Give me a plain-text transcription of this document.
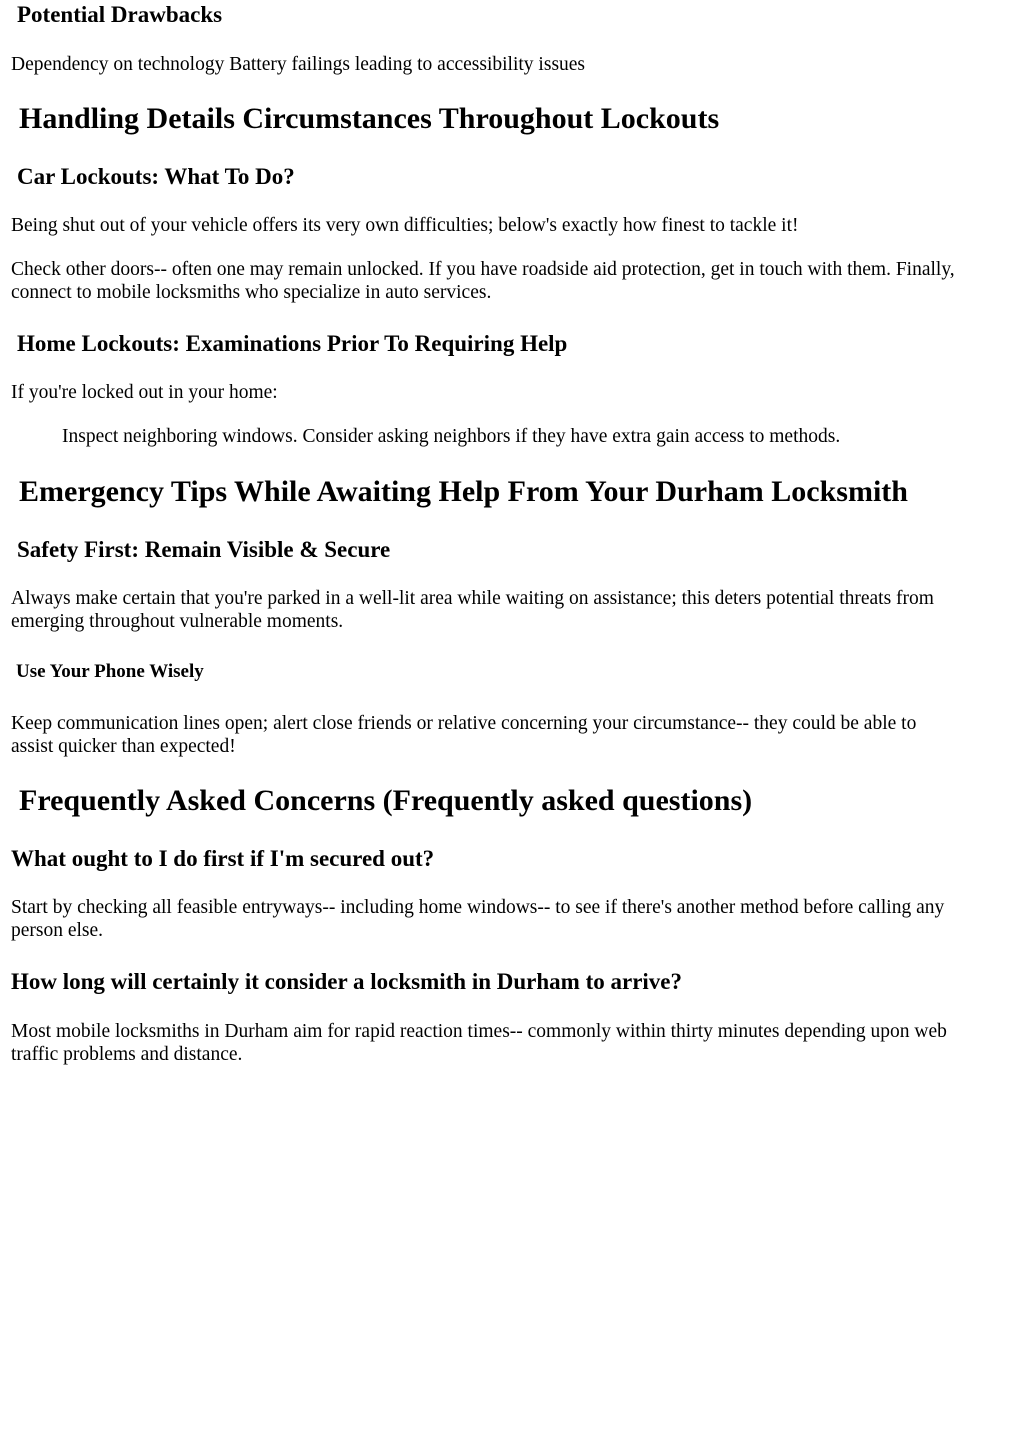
Potential Drawbacks

Dependency on technology Battery failings leading to accessibility issues

Handling Details Circumstances Throughout Lockouts
Car Lockouts: What To Do?

Being shut out of your vehicle offers its very own difficulties; below's exactly how finest to tackle it!

Check other doors-- often one may remain unlocked. If you have roadside aid protection, get in touch with them. Finally,

connect to mobile locksmiths who specialize in auto services.

Home Lockouts: Examinations Prior To Requiring Help

If you're locked out in your home:

Inspect neighboring windows. Consider asking neighbors if they have extra gain access to methods.

Emergency Tips While Awaiting Help From Your Durham Locksmith
Safety First: Remain Visible & Secure

Always make certain that you're parked in a well-lit area while waiting on assistance; this deters potential threats from

emerging throughout vulnerable moments.

Use Your Phone Wisely

Keep communication lines open; alert close friends or relative concerning your circumstance-- they could be able to

assist quicker than expected!

Frequently Asked Concerns (Frequently asked questions)
What ought to I do first if I'm secured out?

Start by checking all feasible entryways-- including home windows-- to see if there's another method before calling any

person else.

How long will certainly it consider a locksmith in Durham to arrive?

Most mobile locksmiths in Durham aim for rapid reaction times-- commonly within thirty minutes depending upon web

traffic problems and distance.
